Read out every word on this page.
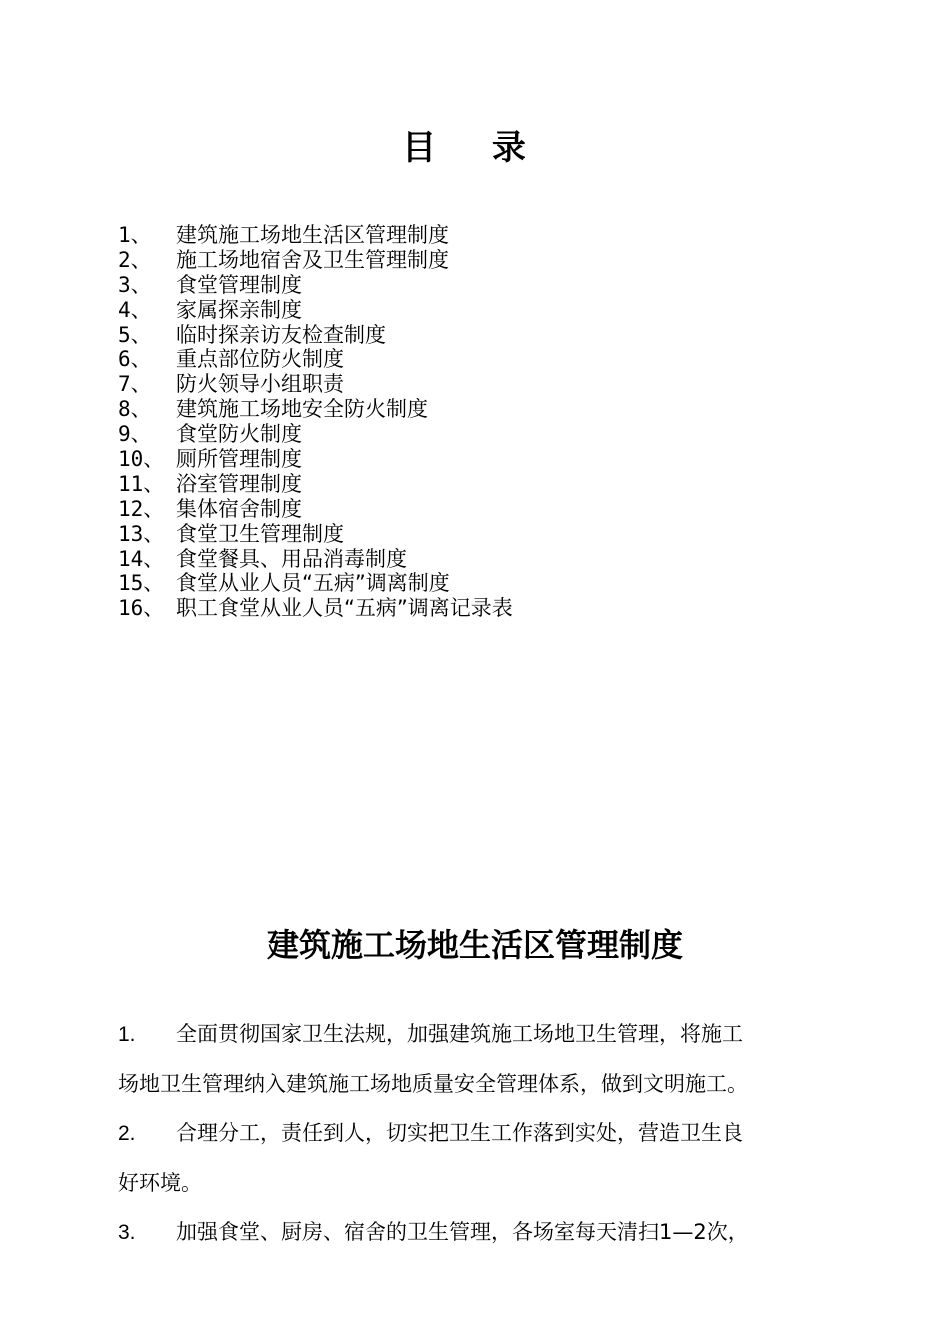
目 录
1、	建筑施工场地生活区管理制度
2、	施工场地宿舍及卫生管理制度
3、	食堂管理制度
4、	家属探亲制度
5、	临时探亲访友检查制度
6、	重点部位防火制度
7、	防火领导小组职责
8、	建筑施工场地安全防火制度
9、	食堂防火制度
10、 厕所管理制度
11、 浴室管理制度
12、 集体宿舍制度
13、 食堂卫生管理制度
14、 食堂餐具、用品消毒制度
15、 食堂从业人员“五病”调离制度
16、 职工食堂从业人员“五病”调离记录表
建筑施工场地生活区管理制度

1. 全面贯彻国家卫生法规，加强建筑施工场地卫生管理，将施工
场地卫生管理纳入建筑施工场地质量安全管理体系，做到文明施工。

2. 合理分工，责任到人，切实把卫生工作落到实处，营造卫生良
好环境。

3. 加强食堂、厨房、宿舍的卫生管理，各场室每天清扫1—2次，
